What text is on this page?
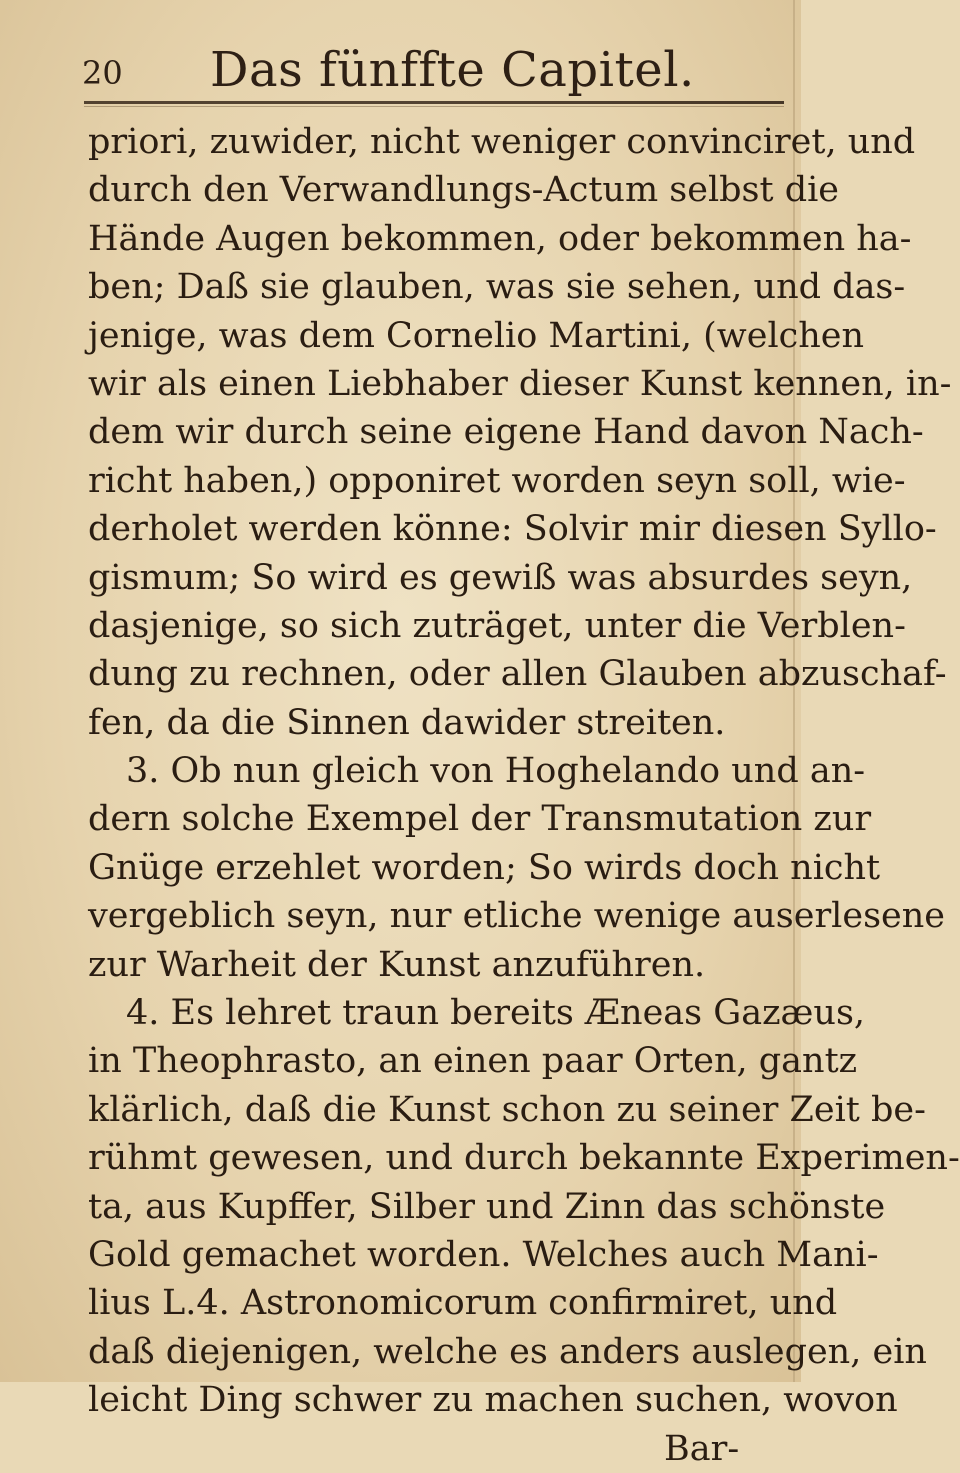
20 Das fünffte Capitel.
priori, zuwider, nicht weniger convinciret, und
durch den Verwandlungs-Actum selbst die
Hände Augen bekommen, oder bekommen ha-
ben; Daß sie glauben, was sie sehen, und das-
jenige, was dem Cornelio Martini, (welchen
wir als einen Liebhaber dieser Kunst kennen, in-
dem wir durch seine eigene Hand davon Nach-
richt haben,) opponiret worden seyn soll, wie-
derholet werden könne: Solvir mir diesen Syllo-
gismum; So wird es gewiß was absurdes seyn,
dasjenige, so sich zuträget, unter die Verblen-
dung zu rechnen, oder allen Glauben abzuschaf-
fen, da die Sinnen dawider streiten.
3. Ob nun gleich von Hoghelando und an-
dern solche Exempel der Transmutation zur
Gnüge erzehlet worden; So wirds doch nicht
vergeblich seyn, nur etliche wenige auserlesene
zur Warheit der Kunst anzuführen.
4. Es lehret traun bereits Æneas Gazæus,
in Theophrasto, an einen paar Orten, gantz
klärlich, daß die Kunst schon zu seiner Zeit be-
rühmt gewesen, und durch bekannte Experimen-
ta, aus Kupffer, Silber und Zinn das schönste
Gold gemachet worden. Welches auch Mani-
lius L.4. Astronomicorum confirmiret, und
daß diejenigen, welche es anders auslegen, ein
leicht Ding schwer zu machen suchen, wovon
Bar-
